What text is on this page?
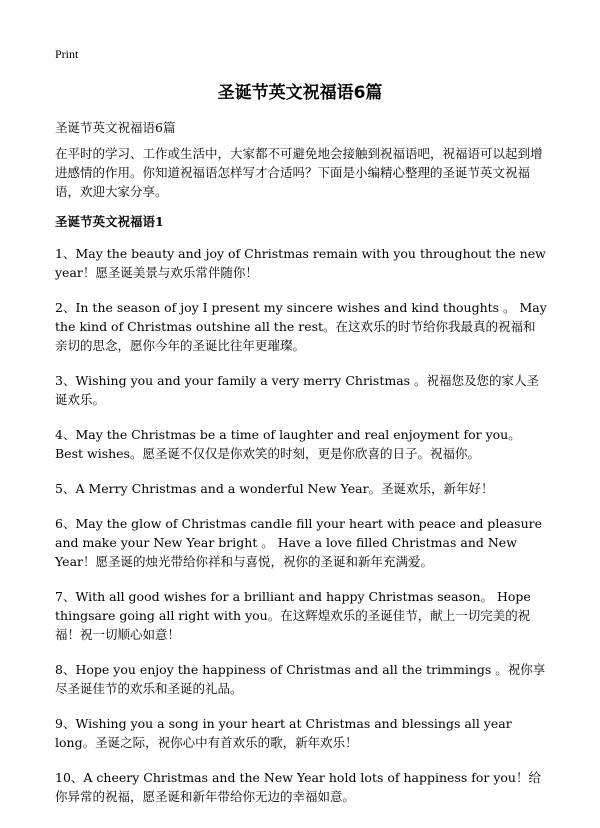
Print
圣诞节英文祝福语6篇

圣诞节英文祝福语6篇

在平时的学习、工作或生活中，大家都不可避免地会接触到祝福语吧，祝福语可以起到增进感情的作用。你知道祝福语怎样写才合适吗？下面是小编精心整理的圣诞节英文祝福语，欢迎大家分享。

圣诞节英文祝福语1

1、May the beauty and joy of Christmas remain with you throughout the new year！愿圣诞美景与欢乐常伴随你！

2、In the season of joy I present my sincere wishes and kind thoughts 。 May the kind of Christmas outshine all the rest。在这欢乐的时节给你我最真的祝福和亲切的思念，愿你今年的圣诞比往年更璀璨。

3、Wishing you and your family a very merry Christmas 。祝福您及您的家人圣诞欢乐。

4、May the Christmas be a time of laughter and real enjoyment for you。 Best wishes。愿圣诞不仅仅是你欢笑的时刻，更是你欣喜的日子。祝福你。

5、A Merry Christmas and a wonderful New Year。圣诞欢乐，新年好！

6、May the glow of Christmas candle fill your heart with peace and pleasure and make your New Year bright 。 Have a love filled Christmas and New Year！愿圣诞的烛光带给你祥和与喜悦，祝你的圣诞和新年充满爱。

7、With all good wishes for a brilliant and happy Christmas season。 Hope thingsare going all right with you。在这辉煌欢乐的圣诞佳节，献上一切完美的祝福！祝一切顺心如意！

8、Hope you enjoy the happiness of Christmas and all the trimmings 。祝你享尽圣诞佳节的欢乐和圣诞的礼品。

9、Wishing you a song in your heart at Christmas and blessings all year long。圣诞之际，祝你心中有首欢乐的歌，新年欢乐！

10、A cheery Christmas and the New Year hold lots of happiness for you！给你异常的祝福，愿圣诞和新年带给你无边的幸福如意。
